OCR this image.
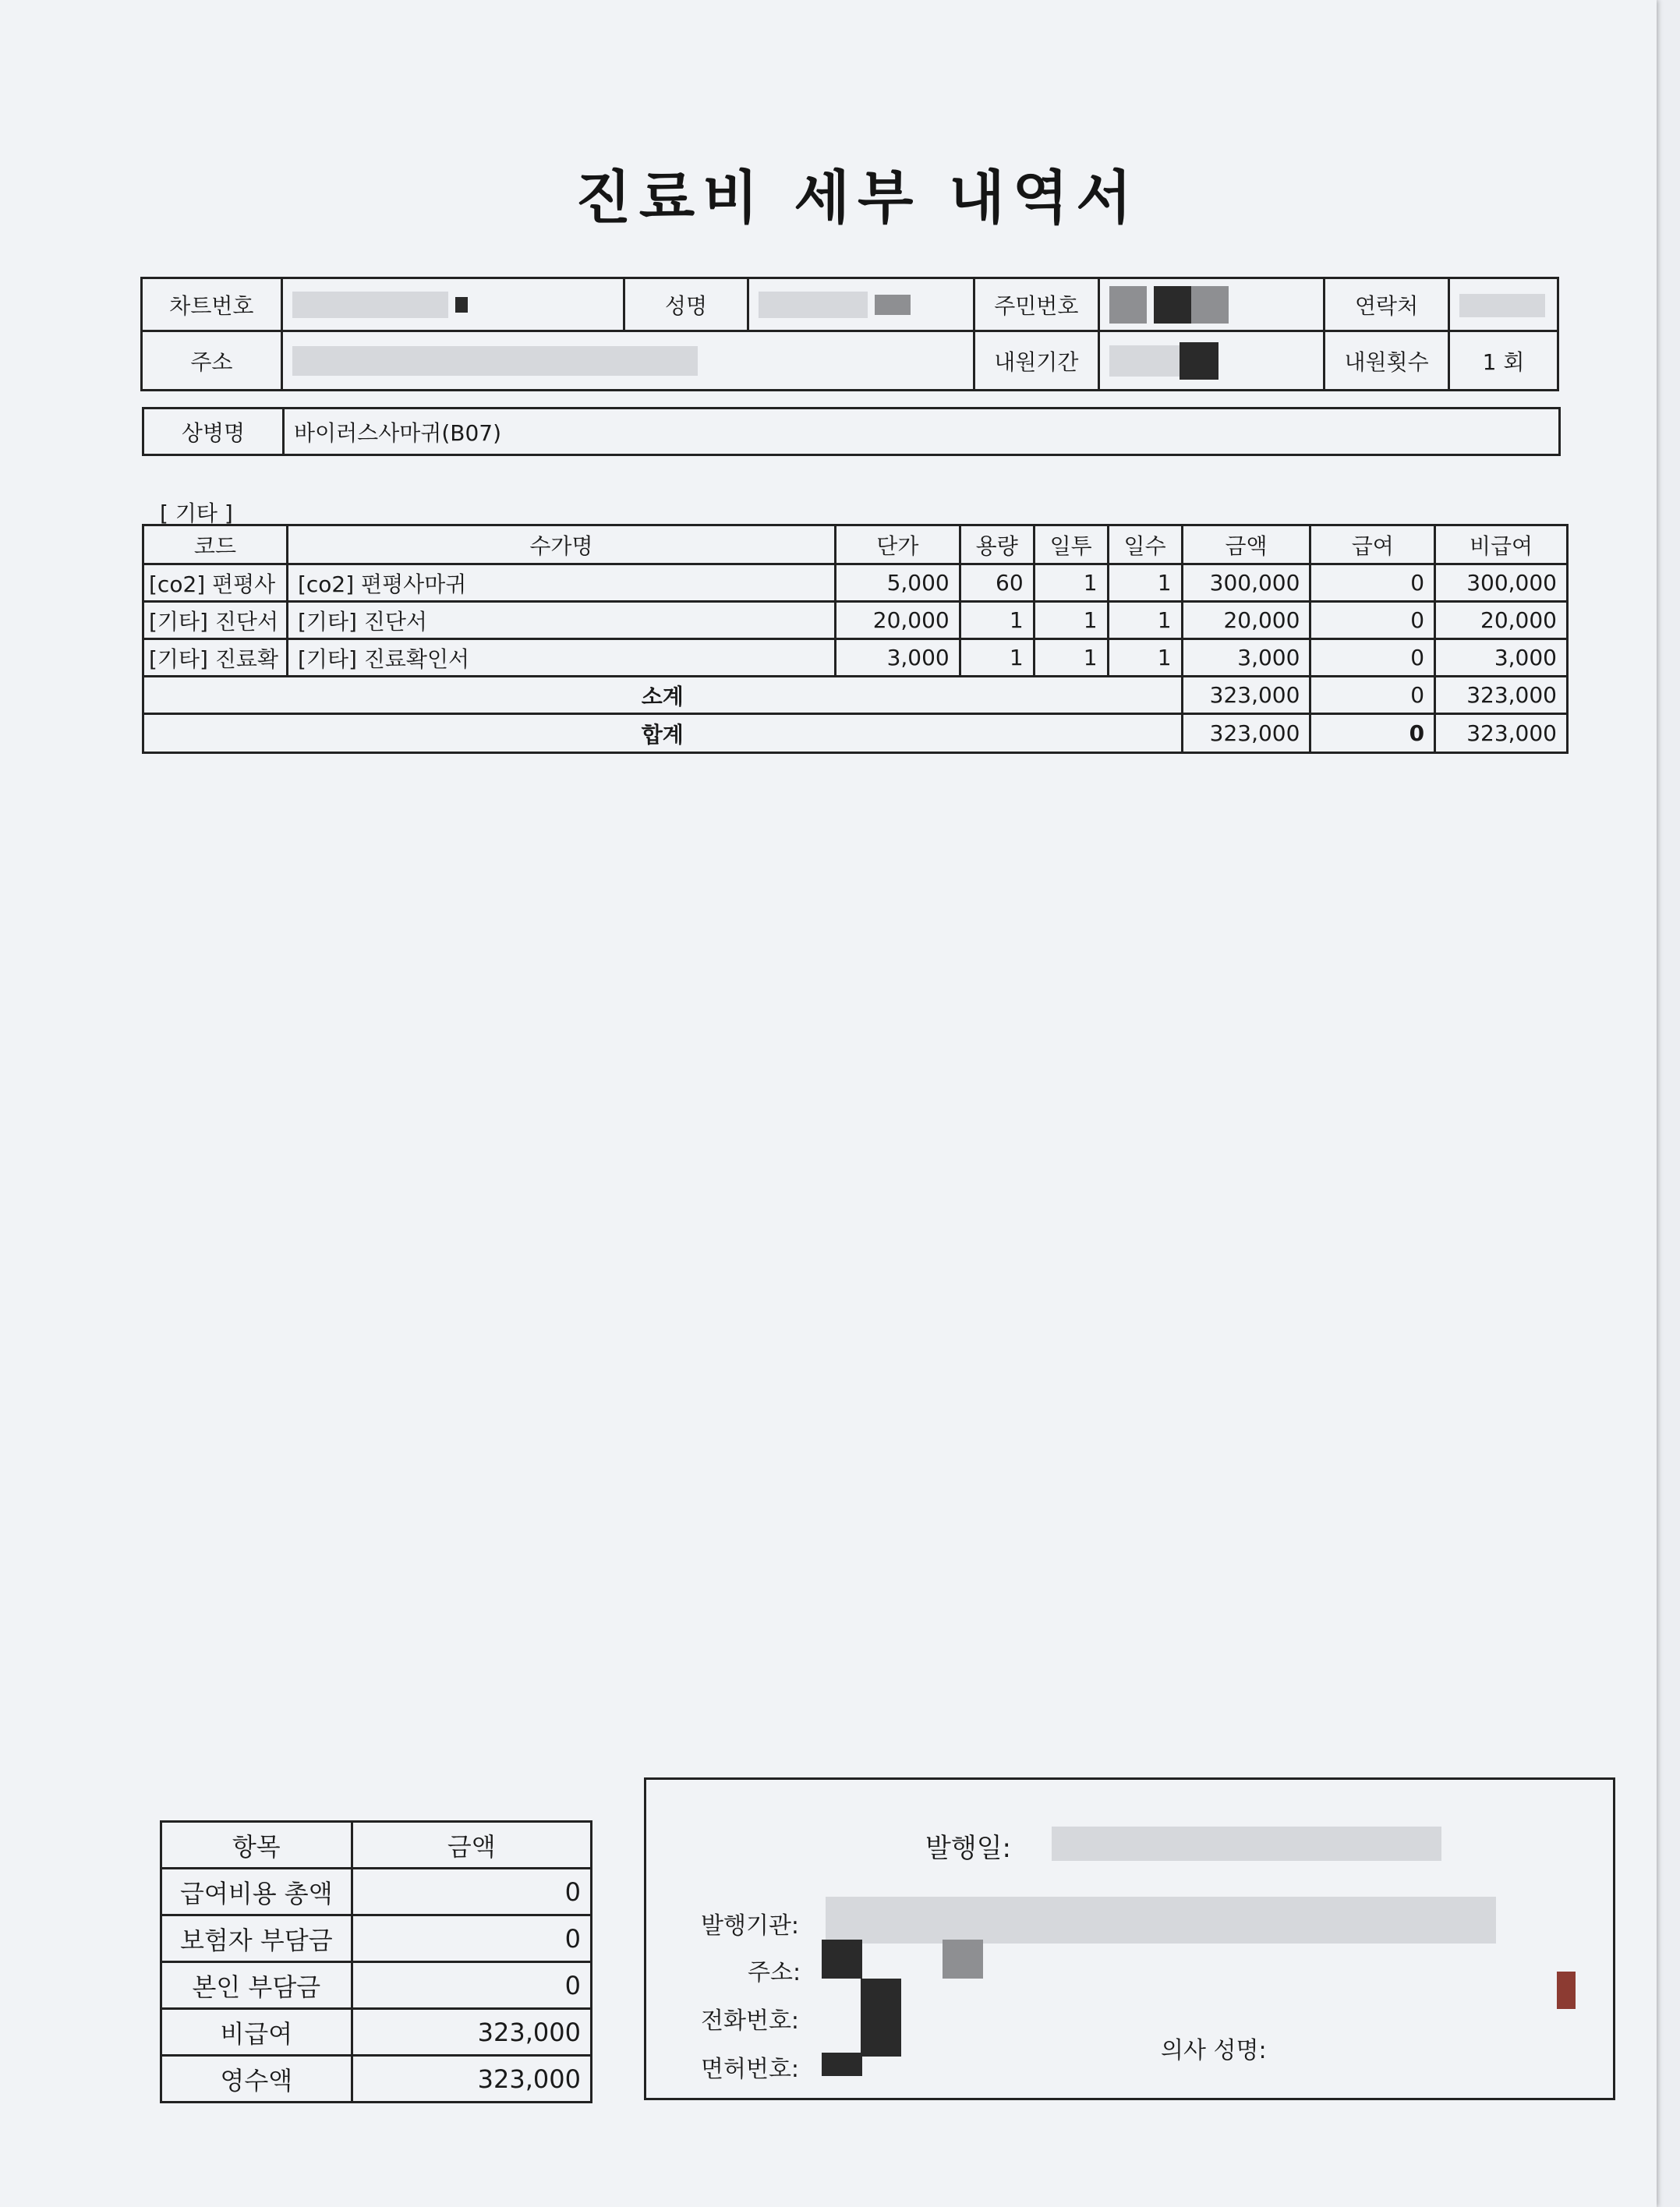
진료비 세부 내역서
차트번호		성명		주민번호		연락처	
주소				내원기간		내원횟수	1 회
상병명	바이러스사마귀(B07)
[ 기타 ]
코드	수가명	단가	용량	일투	일수	금액	급여	비급여
[co2] 편평사	[co2] 편평사마귀	5,000	60	1	1	300,000	0	300,000
[기타] 진단서	[기타] 진단서	20,000	1	1	1	20,000	0	20,000
[기타] 진료확	[기타] 진료확인서	3,000	1	1	1	3,000	0	3,000
소계						323,000	0	323,000
합계						323,000	0	323,000
항목	금액
급여비용 총액	0
보험자 부담금	0
본인 부담금	0
비급여	323,000
영수액	323,000
발행일:
발행기관:
주소:
전화번호:
면허번호:
의사 성명:
